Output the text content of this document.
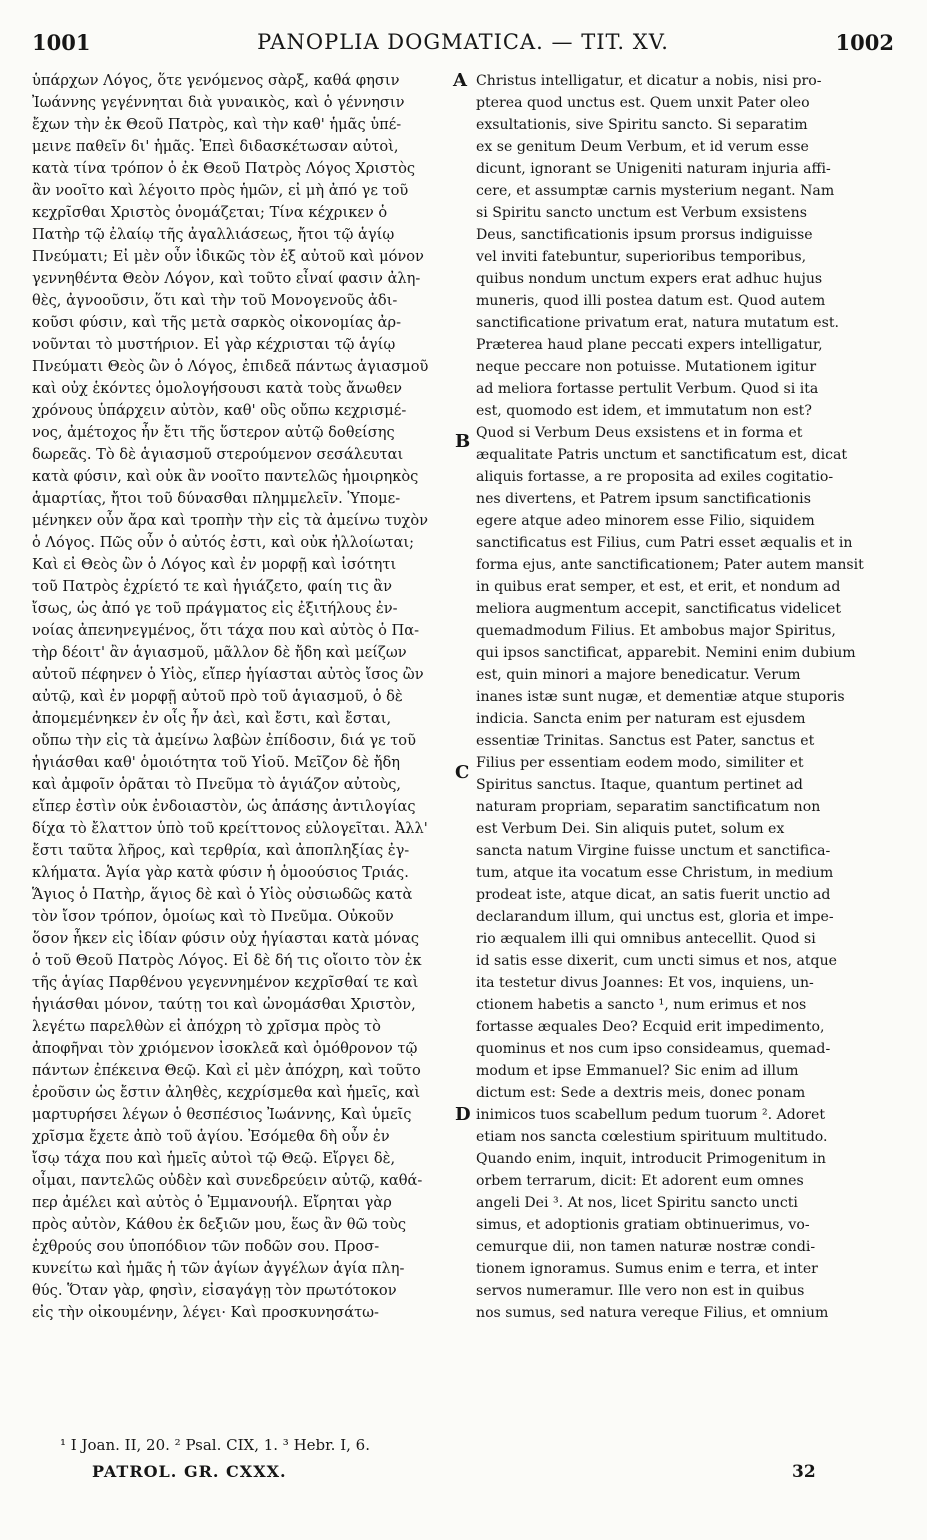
1001	PANOPLIA DOGMATICA. — TIT. XV.	1002
ὑπάρχων Λόγος, ὅτε γενόμενος σὰρξ, καθά φησιν
Ἰωάννης γεγέννηται διὰ γυναικὸς, καὶ ὁ γέννησιν
ἔχων τὴν ἐκ Θεοῦ Πατρὸς, καὶ τὴν καθ' ἡμᾶς ὑπέ-
μεινε παθεῖν δι' ἡμᾶς. Ἐπεὶ διδασκέτωσαν αὐτοὶ,
κατὰ τίνα τρόπον ὁ ἐκ Θεοῦ Πατρὸς Λόγος Χριστὸς
ἂν νοοῖτο καὶ λέγοιτο πρὸς ἡμῶν, εἰ μὴ ἀπό γε τοῦ
κεχρῖσθαι Χριστὸς ὀνομάζεται; Τίνα κέχρικεν ὁ
Πατὴρ τῷ ἐλαίῳ τῆς ἀγαλλιάσεως, ἤτοι τῷ ἁγίῳ
Πνεύματι; Εἰ μὲν οὖν ἰδικῶς τὸν ἐξ αὐτοῦ καὶ μόνον
γεννηθέντα Θεὸν Λόγον, καὶ τοῦτο εἶναί φασιν ἀλη-
θὲς, ἀγνοοῦσιν, ὅτι καὶ τὴν τοῦ Μονογενοῦς ἀδι-
κοῦσι φύσιν, καὶ τῆς μετὰ σαρκὸς οἰκονομίας ἀρ-
νοῦνται τὸ μυστήριον. Εἰ γὰρ κέχρισται τῷ ἁγίῳ
Πνεύματι Θεὸς ὢν ὁ Λόγος, ἐπιδεᾶ πάντως ἁγιασμοῦ
καὶ οὐχ ἑκόντες ὁμολογήσουσι κατὰ τοὺς ἄνωθεν
χρόνους ὑπάρχειν αὐτὸν, καθ' οὓς οὔπω κεχρισμέ-
νος, ἀμέτοχος ἦν ἔτι τῆς ὕστερον αὐτῷ δοθείσης
δωρεᾶς. Τὸ δὲ ἁγιασμοῦ στερούμενον σεσάλευται
κατὰ φύσιν, καὶ οὐκ ἂν νοοῖτο παντελῶς ἠμοιρηκὸς
ἁμαρτίας, ἤτοι τοῦ δύνασθαι πλημμελεῖν. Ὑπομε-
μένηκεν οὖν ἄρα καὶ τροπὴν τὴν εἰς τὰ ἀμείνω τυχὸν
ὁ Λόγος. Πῶς οὖν ὁ αὐτός ἐστι, καὶ οὐκ ἠλλοίωται;
Καὶ εἰ Θεὸς ὢν ὁ Λόγος καὶ ἐν μορφῇ καὶ ἰσότητι
τοῦ Πατρὸς ἐχρίετό τε καὶ ἡγιάζετο, φαίη τις ἂν
ἴσως, ὡς ἀπό γε τοῦ πράγματος εἰς ἐξιτήλους ἐν-
νοίας ἀπενηνεγμένος, ὅτι τάχα που καὶ αὐτὸς ὁ Πα-
τὴρ δέοιτ' ἂν ἁγιασμοῦ, μᾶλλον δὲ ἤδη καὶ μείζων
αὐτοῦ πέφηνεν ὁ Υἱὸς, εἴπερ ἡγίασται αὐτὸς ἴσος ὢν
αὐτῷ, καὶ ἐν μορφῇ αὐτοῦ πρὸ τοῦ ἁγιασμοῦ, ὁ δὲ
ἀπομεμένηκεν ἐν οἷς ἦν ἀεὶ, καὶ ἔστι, καὶ ἔσται,
οὔπω τὴν εἰς τὰ ἀμείνω λαβὼν ἐπίδοσιν, διά γε τοῦ
ἡγιάσθαι καθ' ὁμοιότητα τοῦ Υἱοῦ. Μεῖζον δὲ ἤδη
καὶ ἀμφοῖν ὁρᾶται τὸ Πνεῦμα τὸ ἁγιάζον αὐτοὺς,
εἴπερ ἐστὶν οὐκ ἐνδοιαστὸν, ὡς ἁπάσης ἀντιλογίας
δίχα τὸ ἔλαττον ὑπὸ τοῦ κρείττονος εὐλογεῖται. Ἀλλ'
ἔστι ταῦτα λῆρος, καὶ τερθρία, καὶ ἀποπληξίας ἐγ-
κλήματα. Ἁγία γὰρ κατὰ φύσιν ἡ ὁμοούσιος Τριάς.
Ἅγιος ὁ Πατὴρ, ἅγιος δὲ καὶ ὁ Υἱὸς οὐσιωδῶς κατὰ
τὸν ἴσον τρόπον, ὁμοίως καὶ τὸ Πνεῦμα. Οὐκοῦν
ὅσον ἧκεν εἰς ἰδίαν φύσιν οὐχ ἡγίασται κατὰ μόνας
ὁ τοῦ Θεοῦ Πατρὸς Λόγος. Εἰ δὲ δή τις οἴοιτο τὸν ἐκ
τῆς ἁγίας Παρθένου γεγεννημένον κεχρῖσθαί τε καὶ
ἡγιάσθαι μόνον, ταύτῃ τοι καὶ ὠνομάσθαι Χριστὸν,
λεγέτω παρελθὼν εἰ ἀπόχρη τὸ χρῖσμα πρὸς τὸ
ἀποφῆναι τὸν χριόμενον ἰσοκλεᾶ καὶ ὁμόθρονον τῷ
πάντων ἐπέκεινα Θεῷ. Καὶ εἰ μὲν ἀπόχρη, καὶ τοῦτο
ἐροῦσιν ὡς ἔστιν ἀληθὲς, κεχρίσμεθα καὶ ἡμεῖς, καὶ
μαρτυρήσει λέγων ὁ θεσπέσιος Ἰωάννης, Καὶ ὑμεῖς
χρῖσμα ἔχετε ἀπὸ τοῦ ἁγίου. Ἐσόμεθα δὴ οὖν ἐν
ἴσῳ τάχα που καὶ ἡμεῖς αὐτοὶ τῷ Θεῷ. Εἴργει δὲ,
οἶμαι, παντελῶς οὐδὲν καὶ συνεδρεύειν αὐτῷ, καθά-
περ ἀμέλει καὶ αὐτὸς ὁ Ἐμμανουήλ. Εἴρηται γὰρ
πρὸς αὐτὸν, Κάθου ἐκ δεξιῶν μου, ἕως ἂν θῶ τοὺς
ἐχθρούς σου ὑποπόδιον τῶν ποδῶν σου. Προσ-
κυνείτω καὶ ἡμᾶς ἡ τῶν ἁγίων ἀγγέλων ἁγία πλη-
θύς. Ὅταν γὰρ, φησὶν, εἰσαγάγῃ τὸν πρωτότοκον
εἰς τὴν οἰκουμένην, λέγει· Καὶ προσκυνησάτω-
Christus intelligatur, et dicatur a nobis, nisi pro-
pterea quod unctus est. Quem unxit Pater oleo
exsultationis, sive Spiritu sancto. Si separatim
ex se genitum Deum Verbum, et id verum esse
dicunt, ignorant se Unigeniti naturam injuria affi-
cere, et assumptæ carnis mysterium negant. Nam
si Spiritu sancto unctum est Verbum exsistens
Deus, sanctificationis ipsum prorsus indiguisse
vel inviti fatebuntur, superioribus temporibus,
quibus nondum unctum expers erat adhuc hujus
muneris, quod illi postea datum est. Quod autem
sanctificatione privatum erat, natura mutatum est.
Præterea haud plane peccati expers intelligatur,
neque peccare non potuisse. Mutationem igitur
ad meliora fortasse pertulit Verbum. Quod si ita
est, quomodo est idem, et immutatum non est?
Quod si Verbum Deus exsistens et in forma et
æqualitate Patris unctum et sanctificatum est, dicat
aliquis fortasse, a re proposita ad exiles cogitatio-
nes divertens, et Patrem ipsum sanctificationis
egere atque adeo minorem esse Filio, siquidem
sanctificatus est Filius, cum Patri esset æqualis et in
forma ejus, ante sanctificationem; Pater autem mansit
in quibus erat semper, et est, et erit, et nondum ad
meliora augmentum accepit, sanctificatus videlicet
quemadmodum Filius. Et ambobus major Spiritus,
qui ipsos sanctificat, apparebit. Nemini enim dubium
est, quin minori a majore benedicatur. Verum
inanes istæ sunt nugæ, et dementiæ atque stuporis
indicia. Sancta enim per naturam est ejusdem
essentiæ Trinitas. Sanctus est Pater, sanctus et
Filius per essentiam eodem modo, similiter et
Spiritus sanctus. Itaque, quantum pertinet ad
naturam propriam, separatim sanctificatum non
est Verbum Dei. Sin aliquis putet, solum ex
sancta natum Virgine fuisse unctum et sanctifica-
tum, atque ita vocatum esse Christum, in medium
prodeat iste, atque dicat, an satis fuerit unctio ad
declarandum illum, qui unctus est, gloria et impe-
rio æqualem illi qui omnibus antecellit. Quod si
id satis esse dixerit, cum uncti simus et nos, atque
ita testetur divus Joannes: Et vos, inquiens, un-
ctionem habetis a sancto ¹, num erimus et nos
fortasse æquales Deo? Ecquid erit impedimento,
quominus et nos cum ipso consideamus, quemad-
modum et ipse Emmanuel? Sic enim ad illum
dictum est: Sede a dextris meis, donec ponam
inimicos tuos scabellum pedum tuorum ². Adoret
etiam nos sancta cœlestium spirituum multitudo.
Quando enim, inquit, introducit Primogenitum in
orbem terrarum, dicit: Et adorent eum omnes
angeli Dei ³. At nos, licet Spiritu sancto uncti
simus, et adoptionis gratiam obtinuerimus, vo-
cemurque dii, non tamen naturæ nostræ condi-
tionem ignoramus. Sumus enim e terra, et inter
servos numeramur. Ille vero non est in quibus
nos sumus, sed natura vereque Filius, et omnium
A
B
C
D
¹ I Joan. II, 20. ² Psal. CIX, 1. ³ Hebr. I, 6.
PATROL. GR. CXXX.	32
